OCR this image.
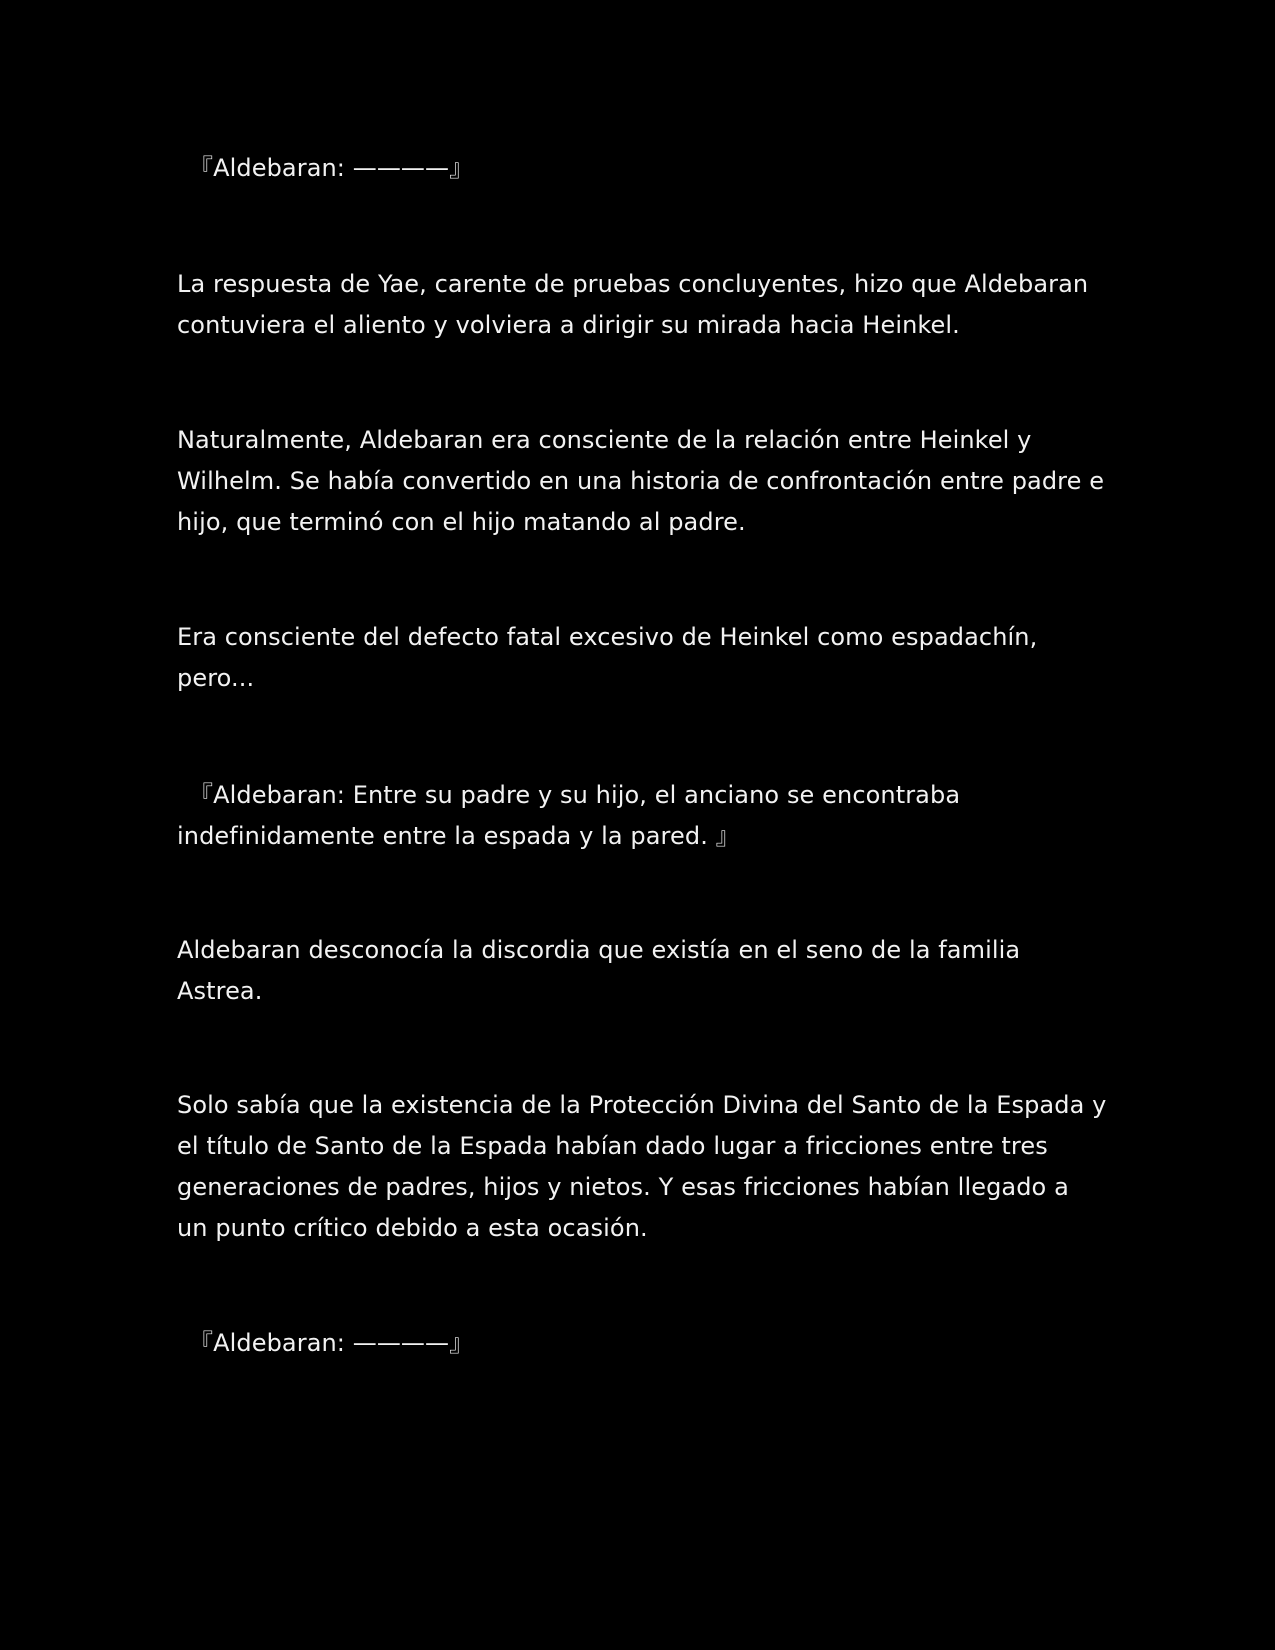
『Aldebaran: ————』

La respuesta de Yae, carente de pruebas concluyentes, hizo que Aldebaran contuviera el aliento y volviera a dirigir su mirada hacia Heinkel.

Naturalmente, Aldebaran era consciente de la relación entre Heinkel y Wilhelm. Se había convertido en una historia de confrontación entre padre e hijo, que terminó con el hijo matando al padre.

Era consciente del defecto fatal excesivo de Heinkel como espadachín, pero...

『Aldebaran: Entre su padre y su hijo, el anciano se encontraba indefinidamente entre la espada y la pared. 』

Aldebaran desconocía la discordia que existía en el seno de la familia Astrea.

Solo sabía que la existencia de la Protección Divina del Santo de la Espada y el título de Santo de la Espada habían dado lugar a fricciones entre tres generaciones de padres, hijos y nietos. Y esas fricciones habían llegado a un punto crítico debido a esta ocasión.

『Aldebaran: ————』
